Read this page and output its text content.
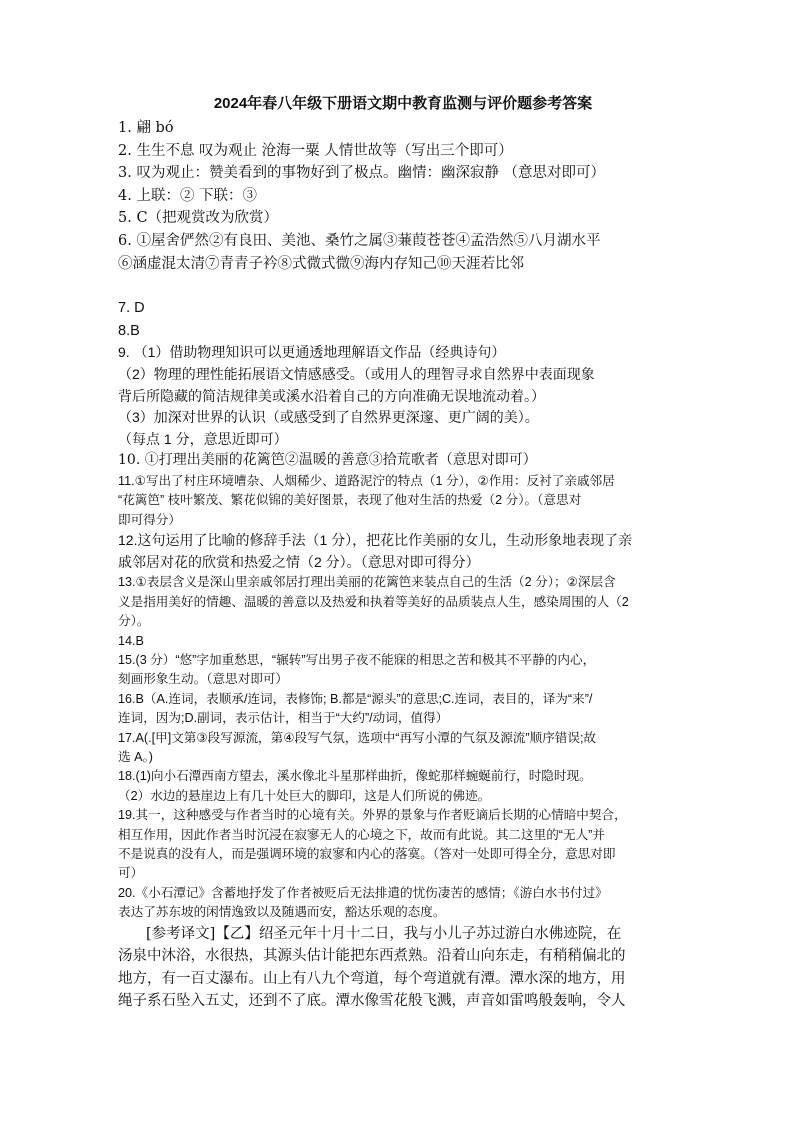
2024年春八年级下册语文期中教育监测与评价题参考答案
1. 翩 bó
2. 生生不息 叹为观止 沧海一粟 人情世故等（写出三个即可）
3. 叹为观止：赞美看到的事物好到了极点。幽情：幽深寂静 （意思对即可）
4. 上联：② 下联：③
5. C（把观赏改为欣赏）
6. ①屋舍俨然②有良田、美池、桑竹之属③蒹葭苍苍④孟浩然⑤八月湖水平
⑥涵虚混太清⑦青青子衿⑧式微式微⑨海内存知己⑩天涯若比邻
7. D
8.B
9. （1）借助物理知识可以更通透地理解语文作品（经典诗句）
（2）物理的理性能拓展语文情感感受。（或用人的理智寻求自然界中表面现象
背后所隐藏的简洁规律美或溪水沿着自己的方向准确无误地流动着。）
（3）加深对世界的认识（或感受到了自然界更深邃、更广阔的美）。
（每点 1 分，意思近即可）
10. ①打理出美丽的花篱笆②温暖的善意③拾荒歌者（意思对即可）
11.①写出了村庄环境嘈杂、人烟稀少、道路泥泞的特点（1 分），②作用：反衬了亲戚邻居
“花篱笆” 枝叶繁茂、繁花似锦的美好图景，表现了他对生活的热爱（2 分）。（意思对
即可得分）
12.这句运用了比喻的修辞手法（1 分），把花比作美丽的女儿，生动形象地表现了亲
戚邻居对花的欣赏和热爱之情（2 分）。（意思对即可得分）
13.①表层含义是深山里亲戚邻居打理出美丽的花篱笆来装点自己的生活（2 分）；②深层含
义是指用美好的情趣、温暖的善意以及热爱和执着等美好的品质装点人生，感染周围的人（2
分）。
14.B
15.(3 分）“悠”字加重愁思，“辗转”写出男子夜不能寐的相思之苦和极其不平静的内心，
刻画形象生动。（意思对即可）
16.B（A.连词，表顺承/连词，表修饰; B.都是“源头”的意思;C.连词，表目的，译为“来”/
连词，因为;D.副词，表示估计，相当于“大约”/动词，值得）
17.A(.[甲]文第③段写源流，第④段写气氛，选项中“再写小潭的气氛及源流”顺序错误;故
选 A。)
18.(1)向小石潭西南方望去，溪水像北斗星那样曲折，像蛇那样蜿蜒前行，时隐时现。
（2）水边的悬崖边上有几十处巨大的脚印，这是人们所说的佛迹。
19.其一，这种感受与作者当时的心境有关。外界的景象与作者贬谪后长期的心情暗中契合，
相互作用，因此作者当时沉浸在寂寥无人的心境之下，故而有此说。其二这里的“无人”并
不是说真的没有人，而是强调环境的寂寥和内心的落寞。（答对一处即可得全分，意思对即
可）
20.《小石潭记》含蓄地抒发了作者被贬后无法排遣的忧伤凄苦的感情；《游白水书付过》
表达了苏东坡的闲情逸致以及随遇而安，豁达乐观的态度。
[参考译文]【乙】绍圣元年十月十二日，我与小儿子苏过游白水佛迹院，在
汤泉中沐浴，水很热，其源头估计能把东西煮熟。沿着山向东走，有稍稍偏北的
地方，有一百丈瀑布。山上有八九个弯道，每个弯道就有潭。潭水深的地方，用
绳子系石坠入五丈，还到不了底。潭水像雪花般飞溅，声音如雷鸣般轰响，令人
